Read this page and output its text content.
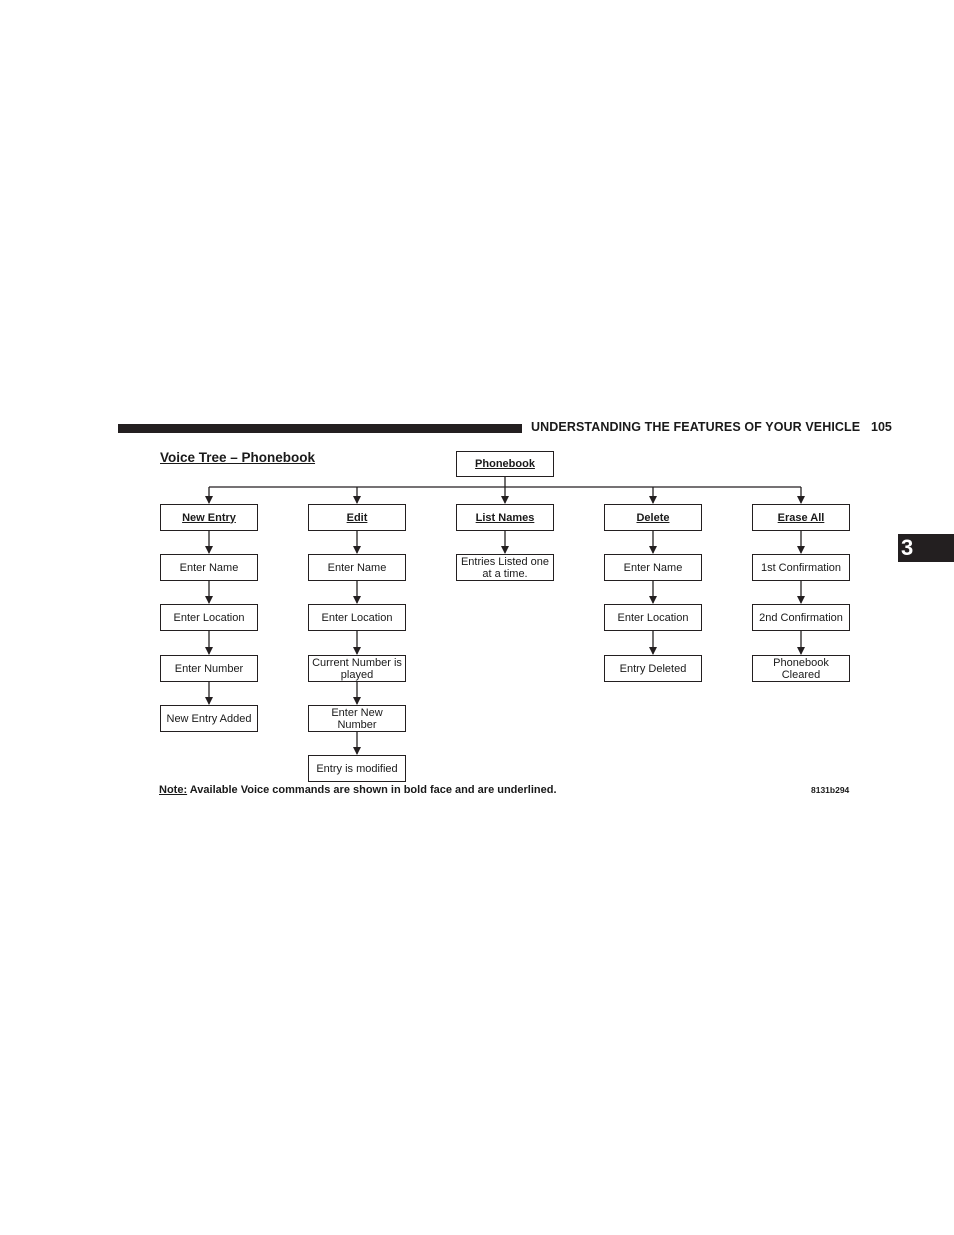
UNDERSTANDING THE FEATURES OF YOUR VEHICLE 105
3
Voice Tree – Phonebook	Phonebook
New Entry
Enter Name
Enter Location
Enter Number
New Entry Added
Edit
Enter Name
Enter Location
Current Number is played
Enter New Number
Entry is modified
List Names
Entries Listed one at a time.
Delete
Enter Name
Enter Location
Entry Deleted
Erase All
1st Confirmation
2nd Confirmation
Phonebook Cleared
Note: Available Voice commands are shown in bold face and are underlined.	8131b294
